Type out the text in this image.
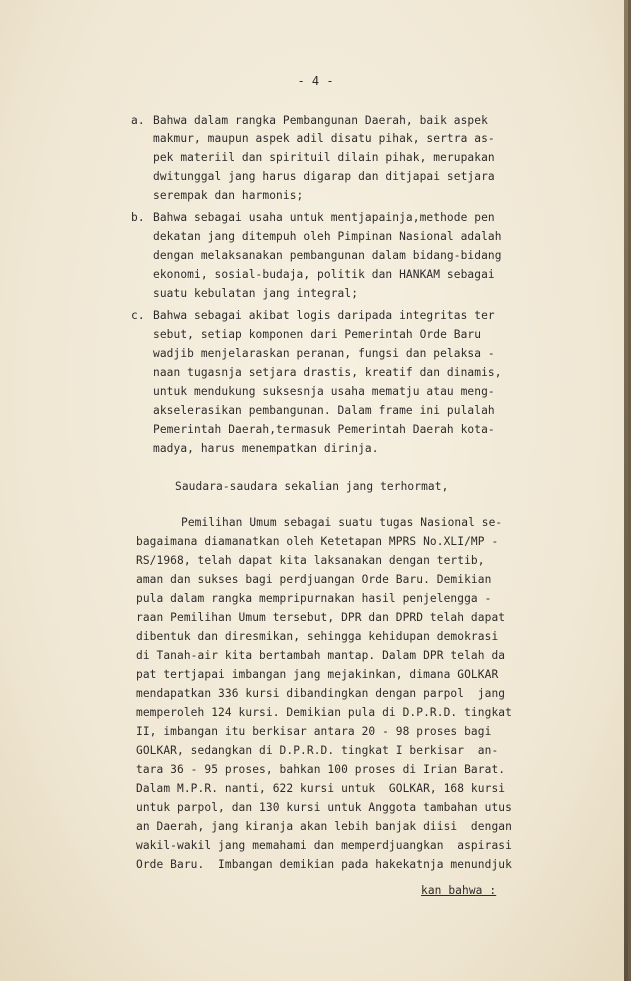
- 4 -
a. Bahwa dalam rangka Pembangunan Daerah, baik aspek
makmur, maupun aspek adil disatu pihak, sertra as-
pek materiil dan spirituil dilain pihak, merupakan
dwitunggal jang harus digarap dan ditjapai setjara
serempak dan harmonis;
b. Bahwa sebagai usaha untuk mentjapainja,methode pen
dekatan jang ditempuh oleh Pimpinan Nasional adalah
dengan melaksanakan pembangunan dalam bidang-bidang
ekonomi, sosial-budaja, politik dan HANKAM sebagai
suatu kebulatan jang integral;
c. Bahwa sebagai akibat logis daripada integritas ter
sebut, setiap komponen dari Pemerintah Orde Baru
wadjib menjelaraskan peranan, fungsi dan pelaksa -
naan tugasnja setjara drastis, kreatif dan dinamis,
untuk mendukung suksesnja usaha mematju atau meng-
akselerasikan pembangunan. Dalam frame ini pulalah
Pemerintah Daerah,termasuk Pemerintah Daerah kota-
madya, harus menempatkan dirinja.
Saudara-saudara sekalian jang terhormat,
Pemilihan Umum sebagai suatu tugas Nasional se-
bagaimana diamanatkan oleh Ketetapan MPRS No.XLI/MP -
RS/1968, telah dapat kita laksanakan dengan tertib,
aman dan sukses bagi perdjuangan Orde Baru. Demikian
pula dalam rangka mempripurnakan hasil penjelengga -
raan Pemilihan Umum tersebut, DPR dan DPRD telah dapat
dibentuk dan diresmikan, sehingga kehidupan demokrasi
di Tanah-air kita bertambah mantap. Dalam DPR telah da
pat tertjapai imbangan jang mejakinkan, dimana GOLKAR
mendapatkan 336 kursi dibandingkan dengan parpol  jang
memperoleh 124 kursi. Demikian pula di D.P.R.D. tingkat
II, imbangan itu berkisar antara 20 - 98 proses bagi
GOLKAR, sedangkan di D.P.R.D. tingkat I berkisar  an-
tara 36 - 95 proses, bahkan 100 proses di Irian Barat.
Dalam M.P.R. nanti, 622 kursi untuk  GOLKAR, 168 kursi
untuk parpol, dan 130 kursi untuk Anggota tambahan utus
an Daerah, jang kiranja akan lebih banjak diisi  dengan
wakil-wakil jang memahami dan memperdjuangkan  aspirasi
Orde Baru.  Imbangan demikian pada hakekatnja menundjuk
kan bahwa :
